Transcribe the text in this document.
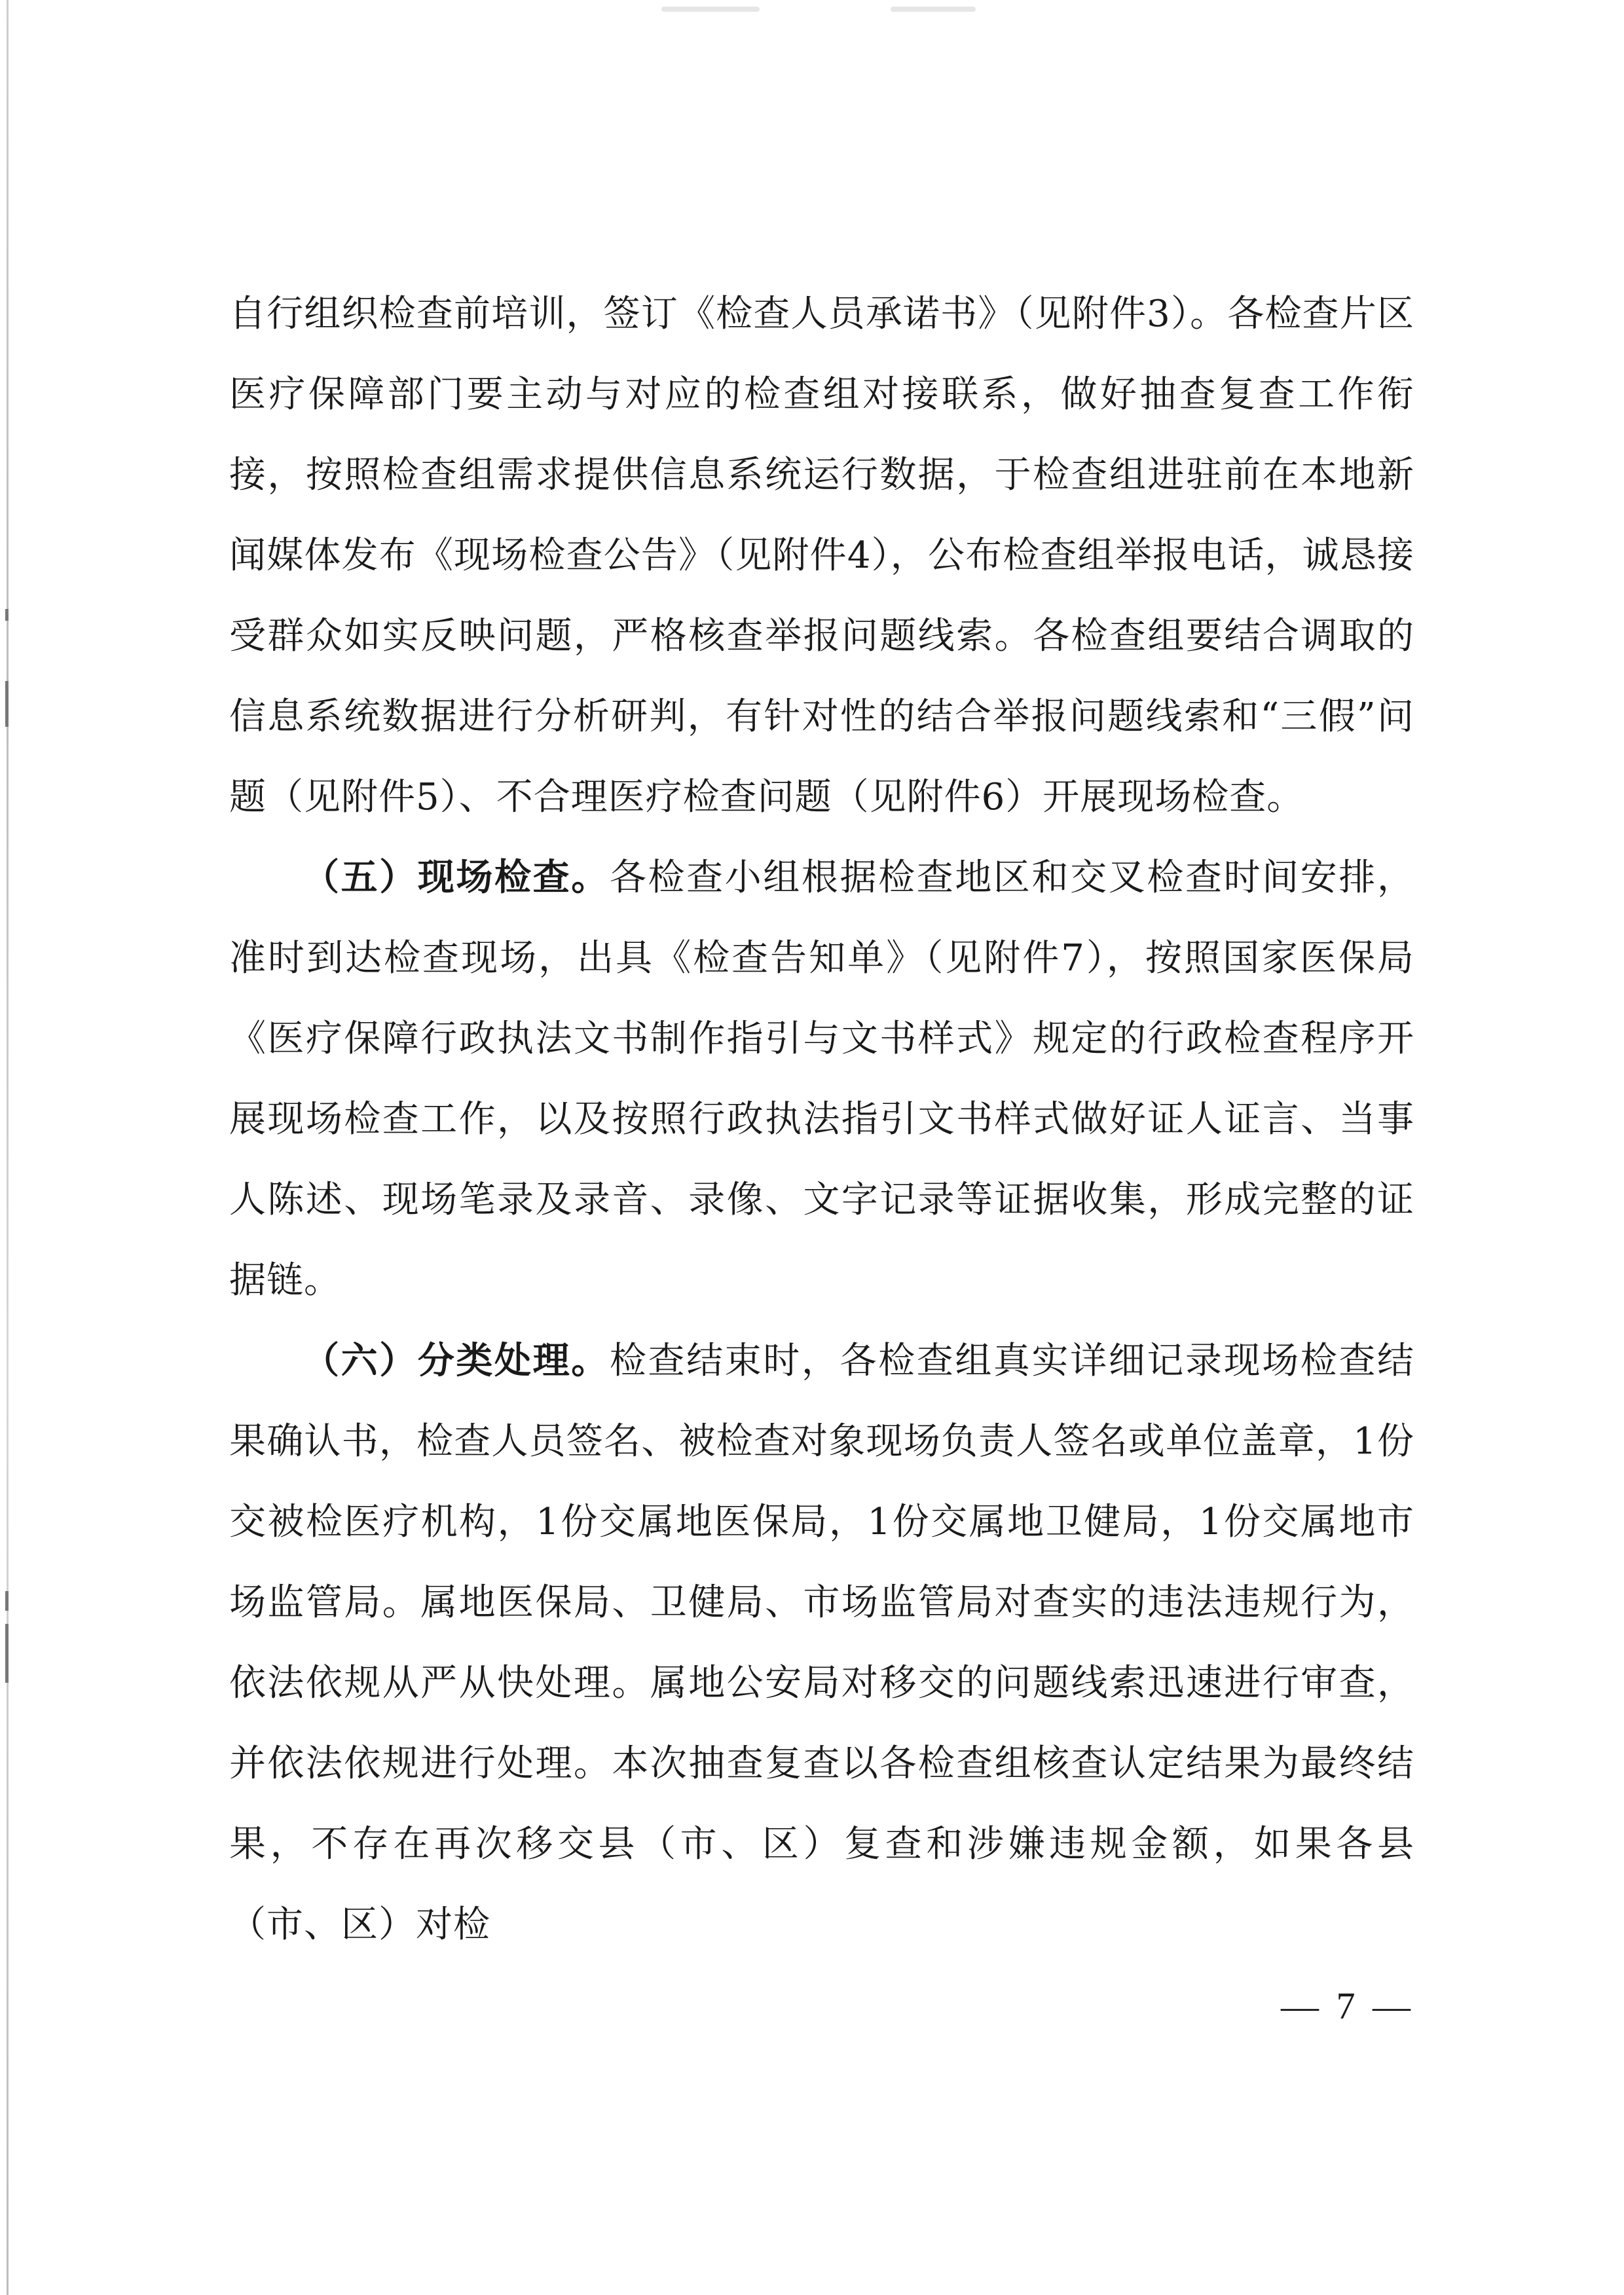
自行组织检查前培训，签订《检查人员承诺书》（见附件3）。各检查片区医疗保障部门要主动与对应的检查组对接联系，做好抽查复查工作衔接，按照检查组需求提供信息系统运行数据，于检查组进驻前在本地新闻媒体发布《现场检查公告》（见附件4），公布检查组举报电话，诚恳接受群众如实反映问题，严格核查举报问题线索。各检查组要结合调取的信息系统数据进行分析研判，有针对性的结合举报问题线索和“三假”问题（见附件5）、不合理医疗检查问题（见附件6）开展现场检查。

（五）现场检查。各检查小组根据检查地区和交叉检查时间安排，准时到达检查现场，出具《检查告知单》（见附件7），按照国家医保局《医疗保障行政执法文书制作指引与文书样式》规定的行政检查程序开展现场检查工作，以及按照行政执法指引文书样式做好证人证言、当事人陈述、现场笔录及录音、录像、文字记录等证据收集，形成完整的证据链。

（六）分类处理。检查结束时，各检查组真实详细记录现场检查结果确认书，检查人员签名、被检查对象现场负责人签名或单位盖章，1份交被检医疗机构，1份交属地医保局，1份交属地卫健局，1份交属地市场监管局。属地医保局、卫健局、市场监管局对查实的违法违规行为，依法依规从严从快处理。属地公安局对移交的问题线索迅速进行审查，并依法依规进行处理。本次抽查复查以各检查组核查认定结果为最终结果，不存在再次移交县（市、区）复查和涉嫌违规金额，如果各县（市、区）对检

— 7 —
